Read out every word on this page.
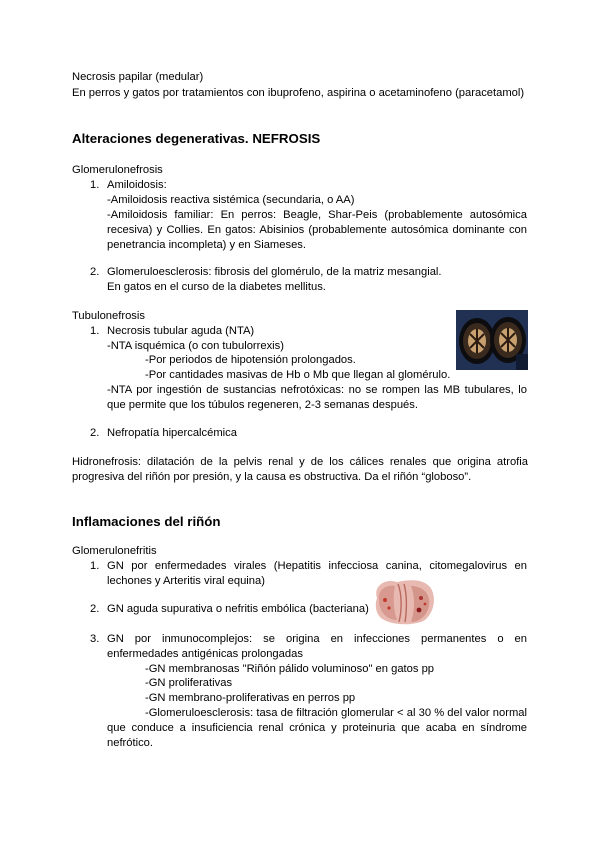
Necrosis papilar (medular)
En perros y gatos por tratamientos con ibuprofeno, aspirina o acetaminofeno (paracetamol)
Alteraciones degenerativas. NEFROSIS
Glomerulonefrosis
1. Amiloidosis:
-Amiloidosis reactiva sistémica (secundaria, o AA)
-Amiloidosis familiar: En perros: Beagle, Shar-Peis (probablemente autosómica recesiva) y Collies. En gatos: Abisinios (probablemente autosómica dominante con penetrancia incompleta) y en Siameses.
2. Glomeruloesclerosis: fibrosis del glomérulo, de la matriz mesangial.
En gatos en el curso de la diabetes mellitus.
Tubulonefrosis
1. Necrosis tubular aguda (NTA)
-NTA isquémica (o con tubulorrexis)
-Por periodos de hipotensión prolongados.
-Por cantidades masivas de Hb o Mb que llegan al glomérulo.
-NTA por ingestión de sustancias nefrotóxicas: no se rompen las MB tubulares, lo que permite que los túbulos regeneren, 2-3 semanas después.
2. Nefropatía hipercalcémica
Hidronefrosis: dilatación de la pelvis renal y de los cálices renales que origina atrofia progresiva del riñón por presión, y la causa es obstructiva. Da el riñón “globoso”.
Inflamaciones del riñón
Glomerulonefritis
1. GN por enfermedades virales (Hepatitis infecciosa canina, citomegalovirus en lechones y Arteritis viral equina)
2. GN aguda supurativa o nefritis embólica (bacteriana)
3. GN por inmunocomplejos: se origina en infecciones permanentes o en enfermedades antigénicas prolongadas
-GN membranosas "Riñón pálido voluminoso" en gatos pp
-GN proliferativas
-GN membrano-proliferativas en perros pp
-Glomeruloesclerosis: tasa de filtración glomerular < al 30 % del valor normal que conduce a insuficiencia renal crónica y proteinuria que acaba en síndrome nefrótico.
